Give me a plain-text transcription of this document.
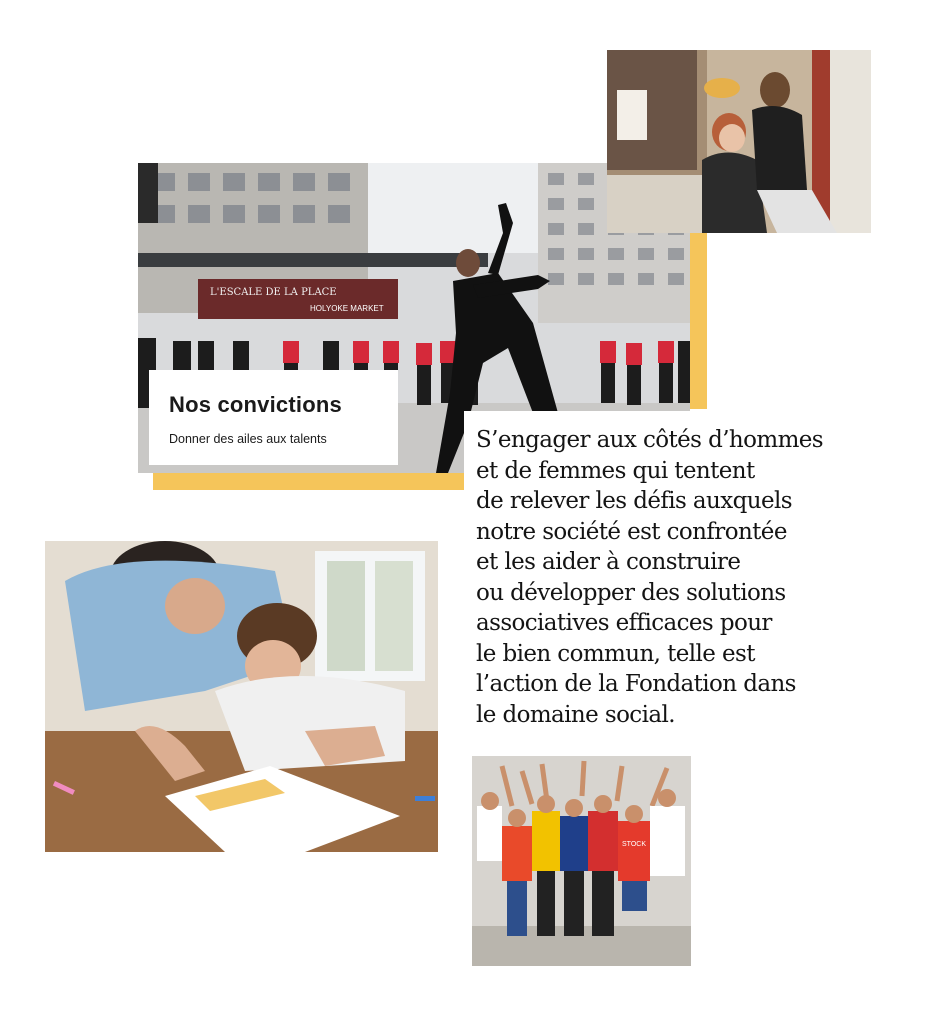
L'ESCALE DE LA PLACE
HOLYOKE MARKET
Nos convictions
Donner des ailes aux talents	S’engager aux côtés d’hommes
et de femmes qui tentent
de relever les défis auxquels
notre société est confrontée
et les aider à construire
ou développer des solutions
associatives efficaces pour
le bien commun, telle est
l’action de la Fondation dans
le domaine social.

STOCK
